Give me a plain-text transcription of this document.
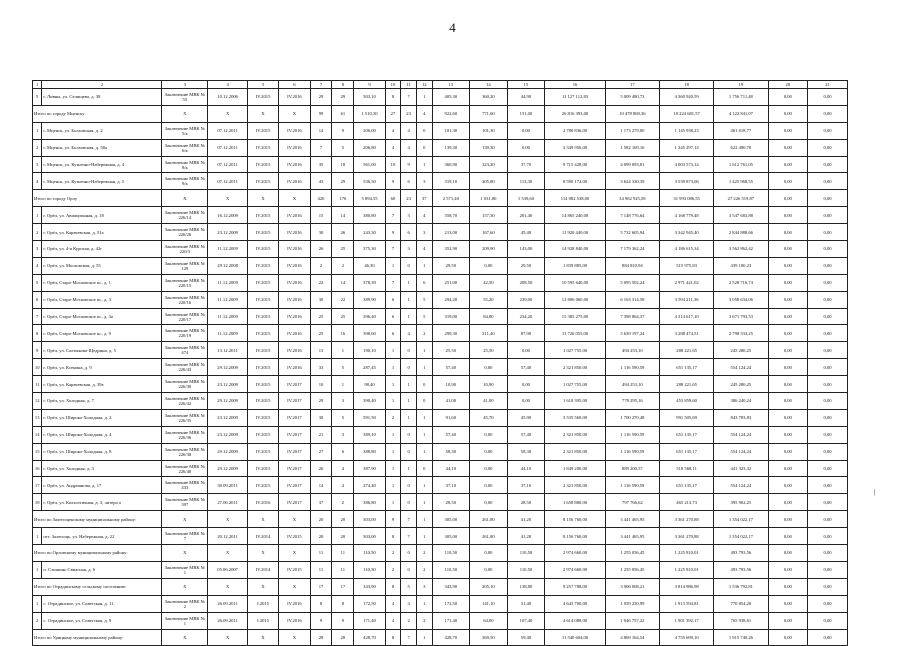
4
|
1	2	3	4	5	6	7	8	9	10	11	12	13	14	15	16	17	18	19	20	21
5	г. Ливны, ул. Селищева, д. 38	Заключение МВК № 55	10.12.2006	IV.2015	IV.2016	29	29	503,10	8	7	1	405,30	360,20	44,90	11 127 112,83	5 009 480,73	4 360 920,59	1 756 711,48	0,00	0,00
Итого по городу Мценску		X	X	X	X	99	61	1 510,30	27	23	4	922,60	771,60	151,00	26 816 393,00	10 478 869,36	10 224 681,57	4 122 841,07	0,00	0,00
1	г. Мценск, ул. Болховская, д. 2	Заключение МВК № 5/к	07.12.2011	IV.2015	IV.2016	14	9	206,00	4	4	0	101,30	101,30	0,00	2 780 836,00	1 173 279,00	1 145 938,23	461 618,77	0,00	0,00
2	г. Мценск, ул. Болховская, д. 58а	Заключение МВК № 6/к	07.12.2011	IV.2015	IV.2016	7	5	206,80	4	4	0	139,30	139,30	0,00	3 349 956,00	1 582 169,16	1 345 297,14	622 490,70	0,00	0,00
3	г. Мценск, ул. Кузнечно-Набережная, д. 4	Заключение МВК № 8/к	07.12.2011	IV.2015	IV.2016	35	18	561,00	10	9	1	360,90	323,20	37,70	9 715 428,00	4 099 093,81	4 003 573,14	1 612 761,05	0,00	0,00
4	г. Мценск, ул. Кузнечно-Набережная, д. 5	Заключение МВК № 9/к	07.12.2011	IV.2015	IV.2016	43	29	536,50	9	6	3	319,10	205,80	113,30	8 590 172,00	3 624 330,39	3 539 873,06	1 425 968,55	0,00	0,00
Итого по городу Орлу		X	X	X	X	420	176	5 894,55	60	23	37	2 571,40	1 031,80	1 539,60	114 082 538,00	34 962 925,58	31 993 086,55	27 226 519,87	0,00	0,00
1	г. Орёл, ул. Авиационная, д. 18	Заключение МВК № 226/14	16.12.2009	IV.2015	IV.2016	15	14	380,80	7	3	4	358,70	157,30	201,40	14 865 240,00	7 148 776,64	4 168 779,48	3 547 683,88	0,00	0,00
2	г. Орёл, ул. Карачевская, д. 51а	Заключение МВК № 226/26	23.12.2009	IV.2015	IV.2016	30	26	243,30	9	6	3	213,00	167,60	45,40	11 920 440,00	5 732 605,94	3 342 945,40	2 844 888,66	0,00	0,00
3	г. Орёл, ул. 4-я Курская, д. 42г	Заключение МВК № 220/3	11.12.2009	IV.2015	IV.2016	26	25	375,30	7	3	4	352,90	209,90	143,00	14 928 840,00	7 179 362,24	4 186 615,34	3 562 862,42	0,00	0,00
4	г. Орёл, ул. Московская, д. 55	Заключение МВК № 129	29.12.2008	IV.2015	IV.2016	2	2	46,30	1	0	1	29,50	0,00	29,50	1 839 885,00	884 810,94	515 975,83	439 100,23	0,00	0,00
5	г. Орёл, Старо-Московское ш., д. 1	Заключение МВК № 220/15	11.12.2009	IV.2015	IV.2016	22	14	378,39	7	1	6	251,00	42,50	208,50	10 595 640,00	5 095 502,24	2 971 421,02	2 528 716,74	0,00	0,00
6	г. Орёл, Старо-Московское ш., д. 3	Заключение МВК № 220/16	11.12.2009	IV.2015	IV.2016	30	22	389,90	6	1	5	294,20	55,20	239,00	12 806 060,00	6 163 314,58	3 594 211,36	3 058 634,06	0,00	0,00
7	г. Орёл, Старо-Московское ш., д. 3а	Заключение МВК № 220/17	11.12.2009	IV.2015	IV.2016	25	25	396,40	6	1	5	319,00	84,80	234,20	15 385 275,00	7 398 864,37	4 314 617,10	3 671 793,53	0,00	0,00
8	г. Орёл, Старо-Московское ш., д. 9	Заключение МВК № 220/19	11.12.2009	IV.2015	IV.2016	25	16	398,60	6	4	2	299,30	211,40	87,90	11 726 055,00	5 639 197,24	3 288 474,51	2 798 533,25	0,00	0,00
9	г. Орёл, ул. Салтыкова-Щедрина, д. 5	Заключение МВК № 474	13.12.2011	IV.2015	IV.2016	13	1	190,10	1	0	1	25,50	25,50	0,00	1 027 755,00	494 253,10	288 221,65	245 280,25	0,00	0,00
10	г. Орёл, ул. Ксенина, д. 9	Заключение МВК № 226/43	29.12.2009	IV.2015	IV.2016	33	5	287,45	1	0	1	57,40	0,00	57,40	2 321 850,00	1 116 590,59	651 135,17	554 124,24	0,00	0,00
11	г. Орёл, ул. Карачевская, д. 39а	Заключение МВК № 226/30	23.12.2009	IV.2015	IV.2017	10	1	98,40	1	1	0	10,90	10,90	0,00	1 027 755,00	494 253,10	288 221,65	245 280,25	0,00	0,00
12	г. Орёл, ул. Холодная, д. 7	Заключение МВК № 226/42	29.12.2009	IV.2015	IV.2017	29	3	390,40	1	1	0	41,00	41,00	0,00	1 618 395,00	778 295,16	453 859,60	386 240,24	0,00	0,00
13	г. Орёл, ул. Широко-Холодная, д. 2	Заключение МВК № 226/35	23.12.2009	IV.2015	IV.2017	30	5	591,50	2	1	1	91,60	45,70	45,90	3 535 560,00	1 700 270,48	991 505,69	843 783,83	0,00	0,00
14	г. Орёл, ул. Широко-Холодная, д. 4	Заключение МВК № 226/36	23.12.2009	IV.2015	IV.2017	21	3	389,10	1	0	1	57,40	0,00	57,40	2 321 850,00	1 116 590,59	651 135,17	554 124,24	0,00	0,00
15	г. Орёл, ул. Широко-Холодная, д. 8	Заключение МВК № 226/38	29.12.2009	IV.2015	IV.2017	27	6	388,80	1	0	1	58,30	0,00	58,30	2 321 850,00	1 116 590,59	651 135,17	554 124,24	0,00	0,00
16	г. Орёл, ул. Холодная, д. 3	Заключение МВК № 226/40	29.12.2009	IV.2015	IV.2017	26	4	387,90	1	1	0	44,10	0,00	44,10	1 849 200,00	889 200,57	518 568,11	441 323,32	0,00	0,00
17	г. Орёл, ул. Андрианова, д. 17	Заключение МВК № 433	30.09.2011	IV.2015	IV.2017	14	4	274,40	1	0	1	37,10	0,00	37,10	2 321 850,00	1 116 590,59	651 135,17	554 124,24	0,00	0,00
18	г. Орёл, ул. Колхозтичная, д. 3, литера а	Заключение МВК № 397	27.06.2011	IV.2016	IV.2017	37	2	386,80	1	0	1	28,50	0,00	28,50	1 658 880,00	797 766,62	465 213,73	395 902,25	0,00	0,00
Итого по Залегощенскому муниципальному району:		X	X	X	X	20	20	303,00	9	7	1	305,00	261,80	41,20	8 156 760,00	3 441 465,95	3 361 270,88	1 354 022,17	0,00	0,00
1	пгт. Залегощь, ул. Набережная, д. 22	Заключение МВК № 7	20.12.2011	IV.2014	IV.2015	20	20	303,00	8	7	1	305,00	261,80	41,20	8 156 760,00	3 441 465,95	3 361 270,88	1 354 022,17	0,00	0,00
Итого по Орловскому муниципальному району:		X	X	X	X	11	11	110,50	2	0	2	110,50	0,00	110,50	2 974 660,00	1 255 056,45	1 225 810,01	493 793,56	0,00	0,00
1	п. Стишино Свиасная, д. 6	Заключение МВК № 1	05.06.2007	IV.2014	IV.2015	11	11	110,50	2	0	2	110,50	0,00	110,50	2 974 660,00	1 255 056,45	1 225 810,01	493 793,56	0,00	0,00
Итого по Отрадинскому сельскому поселению:		X	X	X	X	17	17	343,90	8	5	3	343,90	205,10	138,80	9 257 788,00	3 906 008,21	3 814 986,98	1 536 792,81	0,00	0,00
1	с. Отрадинское, ул. Советская, д. 11	Заключение МВК № 2	26.09.2011	I.2015	IV.2016	8	8	172,50	4	3	1	172,50	141,10	31,40	4 643 700,00	1 959 250,99	1 913 594,81	770 854,20	0,00	0,00
2	с. Отрадинское, ул. Советская, д. 9	Заключение МВК № 1	26.09.2011	I.2015	IV.2016	9	9	171,40	4	2	2	171,40	64,00	107,40	4 614 088,00	1 946 757,22	1 901 392,17	765 938,61	0,00	0,00
Итого по Урицкому муниципальному району:		X	X	X	X	28	28	428,70	8	7	1	428,70	369,50	59,40	11 540 604,00	4 869 164,54	4 755 699,10	1 915 740,26	0,00	0,00
